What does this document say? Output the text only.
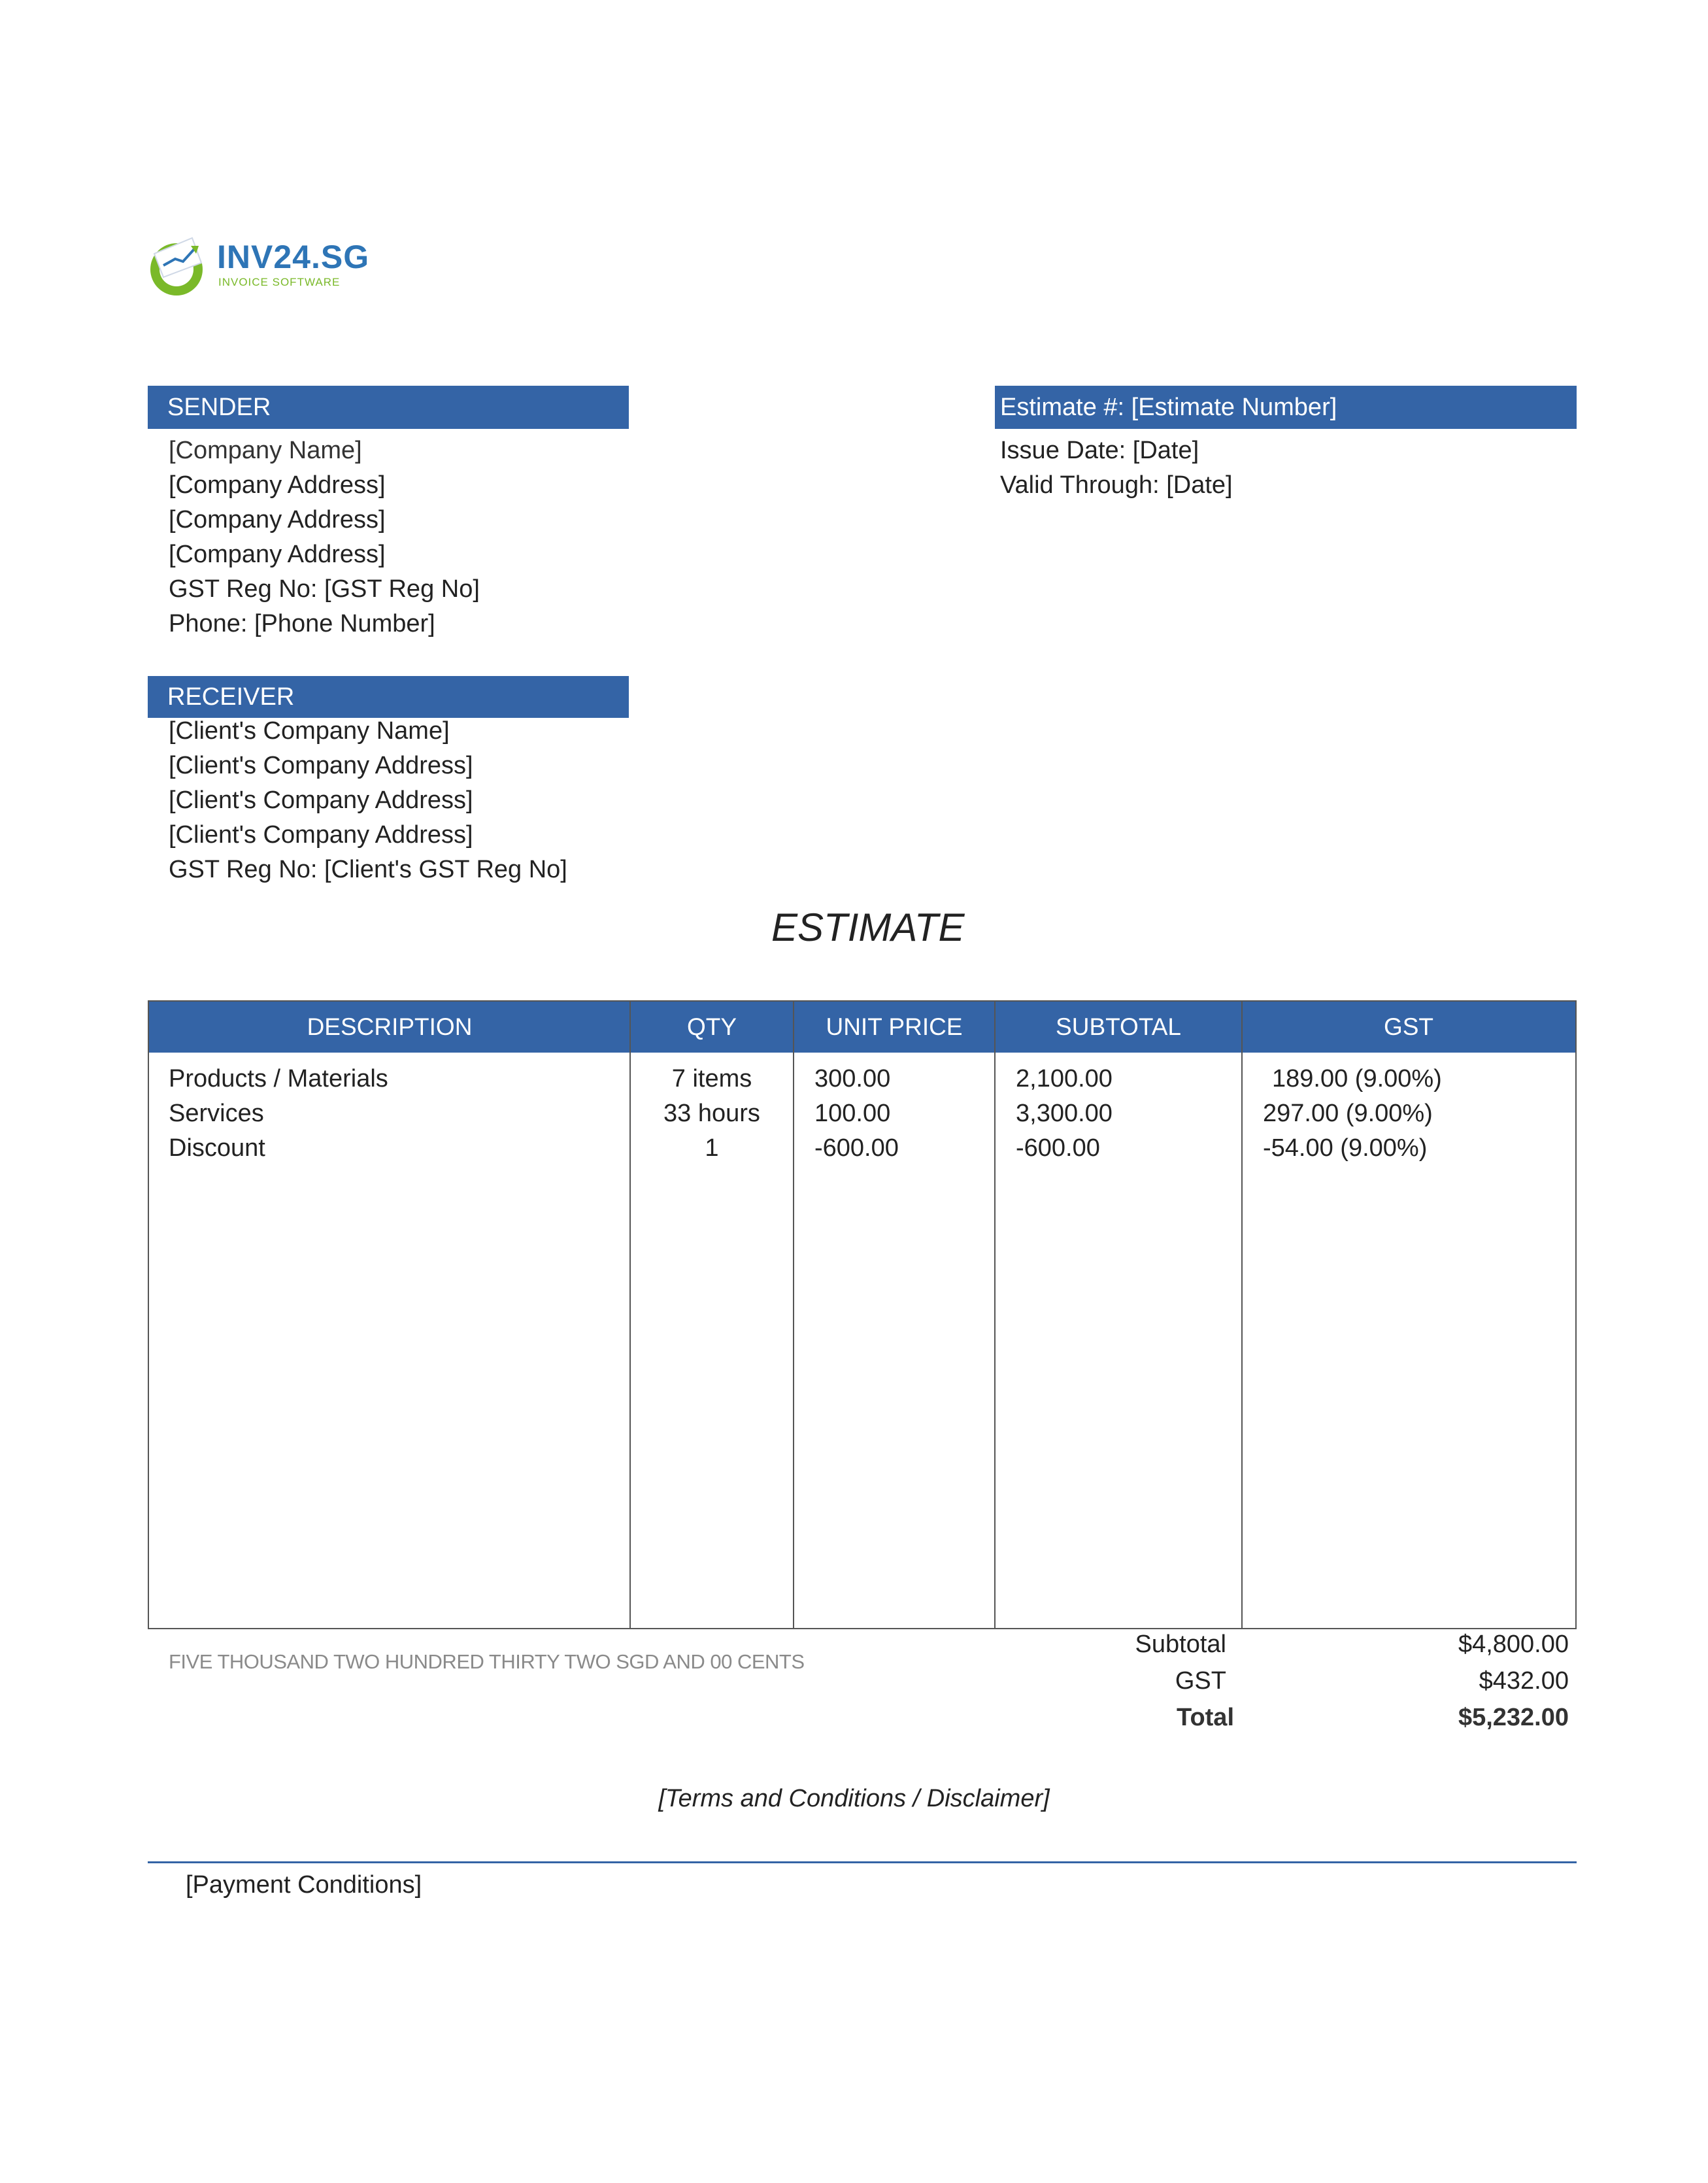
INV24.SG
INVOICE SOFTWARE
SENDER
[Company Name]
[Company Address]
[Company Address]
[Company Address]
GST Reg No: [GST Reg No]
Phone: [Phone Number]
Estimate #: [Estimate Number]
Issue Date: [Date]
Valid Through: [Date]
RECEIVER
[Client's Company Name]
[Client's Company Address]
[Client's Company Address]
[Client's Company Address]
GST Reg No: [Client's GST Reg No]
ESTIMATE
DESCRIPTION	QTY	UNIT PRICE	SUBTOTAL	GST
Products / Materials	7 items	300.00	2,100.00	189.00 (9.00%)
Services	33 hours	100.00	3,300.00	297.00 (9.00%)
Discount	1	-600.00	-600.00	-54.00 (9.00%)
FIVE THOUSAND TWO HUNDRED THIRTY TWO SGD AND 00 CENTS
Subtotal	$4,800.00
GST	$432.00
Total	$5,232.00
[Terms and Conditions / Disclaimer]
[Payment Conditions]
